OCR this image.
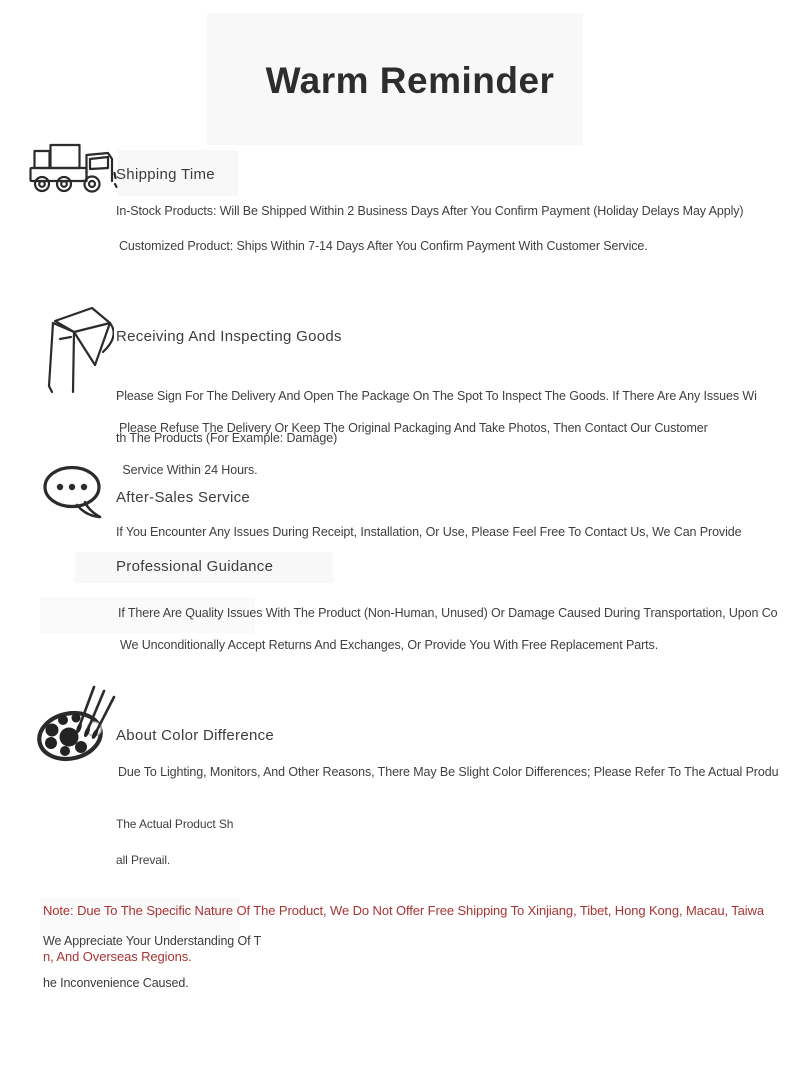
Warm Reminder
Shipping Time
In-Stock Products: Will Be Shipped Within 2 Business Days After You Confirm Payment (Holiday Delays May Apply)
Customized Product: Ships Within 7-14 Days After You Confirm Payment With Customer Service.
Receiving And Inspecting Goods

Please Sign For The Delivery And Open The Package On The Spot To Inspect The Goods. If There Are Any Issues Wi

th The Products (For Example: Damage)

Please Refuse The Delivery Or Keep The Original Packaging And Take Photos, Then Contact Our Customer

Service Within 24 Hours.

After-Sales Service
If You Encounter Any Issues During Receipt, Installation, Or Use, Please Feel Free To Contact Us, We Can Provide
Professional Guidance
If There Are Quality Issues With The Product (Non-Human, Unused) Or Damage Caused During Transportation, Upon Co
We Unconditionally Accept Returns And Exchanges, Or Provide You With Free Replacement Parts.
About Color Difference
Due To Lighting, Monitors, And Other Reasons, There May Be Slight Color Differences; Please Refer To The Actual Produ

The Actual Product Sh

all Prevail.

Note: Due To The Specific Nature Of The Product, We Do Not Offer Free Shipping To Xinjiang, Tibet, Hong Kong, Macau, Taiwa

n, And Overseas Regions.

We Appreciate Your Understanding Of T

he Inconvenience Caused.
